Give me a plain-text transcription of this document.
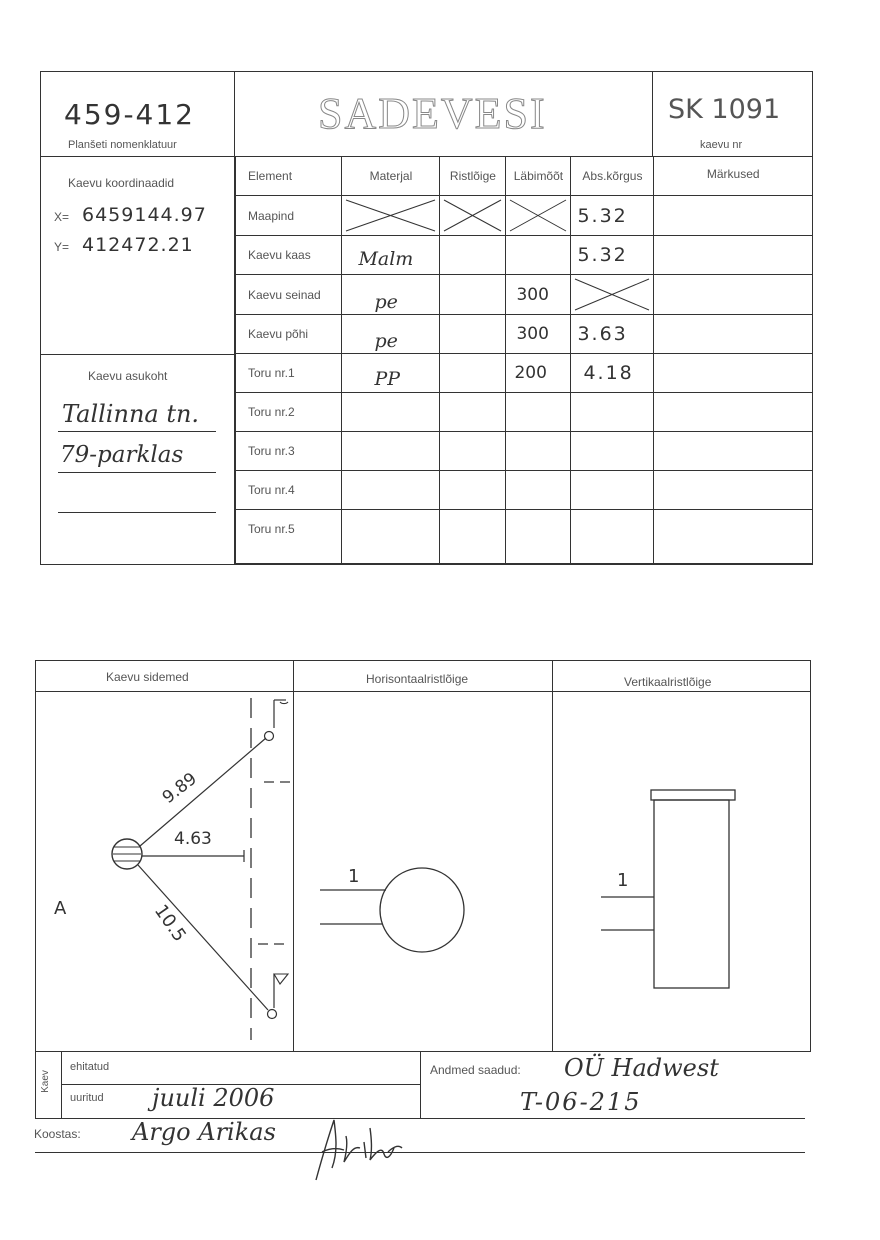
459-412
Planšeti nomenklatuur
SADEVESI	SK 1091
kaevu nr
Kaevu koordinaadid
X= 6459144.97
Y= 412472.21
Kaevu asukoht
Tallinna tn.
79-parklas
Element	Materjal	Ristlõige	Läbimõõt	Abs.kõrgus	Märkused
Maapind				5.32	
Kaevu kaas	Malm			5.32	
Kaevu seinad	pe		300	

Kaevu põhi	pe		300	3.63	
Toru nr.1	PP		200	4.18	
Toru nr.2					
Toru nr.3					
Toru nr.4					
Toru nr.5					
Kaevu sidemed	Horisontaalristlõige	Vertikaalristlõige
9.89
4.63
10.5
A
1	1
Kaev
ehitatud
uuritud juuli 2006
Andmed saadud: OÜ Hadwest
T-06-215
Koostas: Argo Arikas
